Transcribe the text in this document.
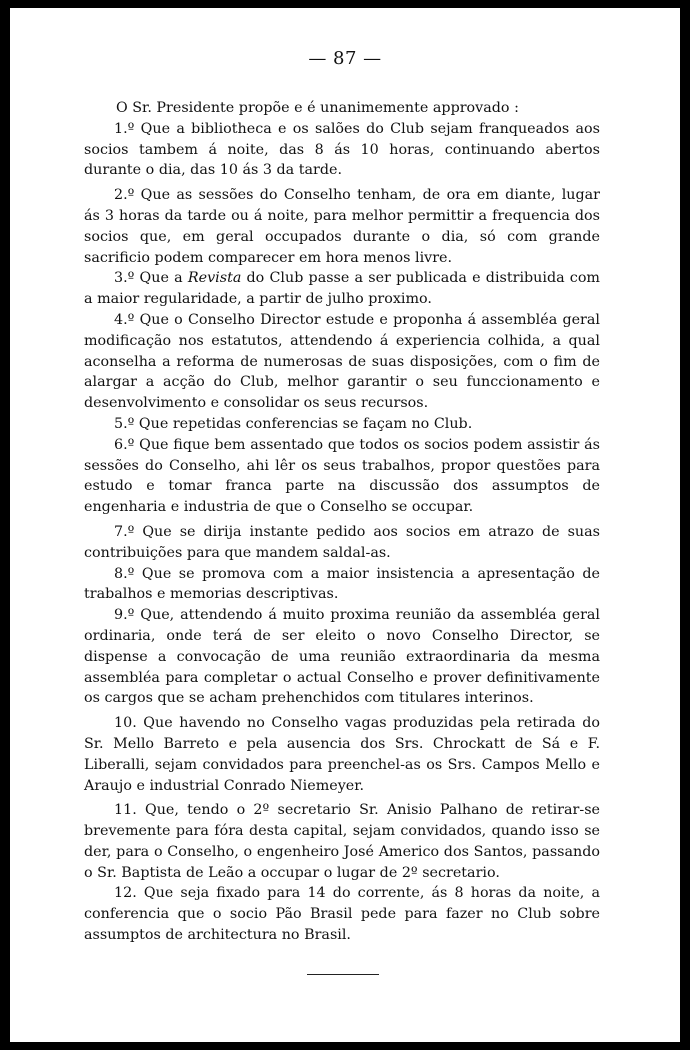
— 87 —

O Sr. Presidente propõe e é unanimemente approvado :

1.º Que a bibliotheca e os salões do Club sejam franqueados aos socios tambem á noite, das 8 ás 10 horas, continuando abertos durante o dia, das 10 ás 3 da tarde.

2.º Que as sessões do Conselho tenham, de ora em diante, lugar ás 3 horas da tarde ou á noite, para melhor permittir a frequencia dos socios que, em geral occupados durante o dia, só com grande sacrificio podem comparecer em hora menos livre.

3.º Que a Revista do Club passe a ser publicada e distribuida com a maior regularidade, a partir de julho proximo.

4.º Que o Conselho Director estude e proponha á assembléa geral modificação nos estatutos, attendendo á experiencia colhida, a qual aconselha a reforma de numerosas de suas disposições, com o fim de alargar a acção do Club, melhor garantir o seu funccionamento e desenvolvimento e consolidar os seus recursos.

5.º Que repetidas conferencias se façam no Club.

6.º Que fique bem assentado que todos os socios podem assistir ás sessões do Conselho, ahi lêr os seus trabalhos, propor questões para estudo e tomar franca parte na discussão dos assumptos de engenharia e industria de que o Conselho se occupar.

7.º Que se dirija instante pedido aos socios em atrazo de suas contribuições para que mandem saldal-as.

8.º Que se promova com a maior insistencia a apresentação de trabalhos e memorias descriptivas.

9.º Que, attendendo á muito proxima reunião da assembléa geral ordinaria, onde terá de ser eleito o novo Conselho Director, se dispense a convocação de uma reunião extraordinaria da mesma assembléa para completar o actual Conselho e prover definitivamente os cargos que se acham prehenchidos com titulares interinos.

10. Que havendo no Conselho vagas produzidas pela retirada do Sr. Mello Barreto e pela ausencia dos Srs. Chrockatt de Sá e F. Liberalli, sejam convidados para preenchel-as os Srs. Campos Mello e Araujo e industrial Conrado Niemeyer.

11. Que, tendo o 2º secretario Sr. Anisio Palhano de retirar-se brevemente para fóra desta capital, sejam convidados, quando isso se der, para o Conselho, o engenheiro José Americo dos Santos, passando o Sr. Baptista de Leão a occupar o lugar de 2º secretario.

12. Que seja fixado para 14 do corrente, ás 8 horas da noite, a conferencia que o socio Pão Brasil pede para fazer no Club sobre assumptos de architectura no Brasil.
